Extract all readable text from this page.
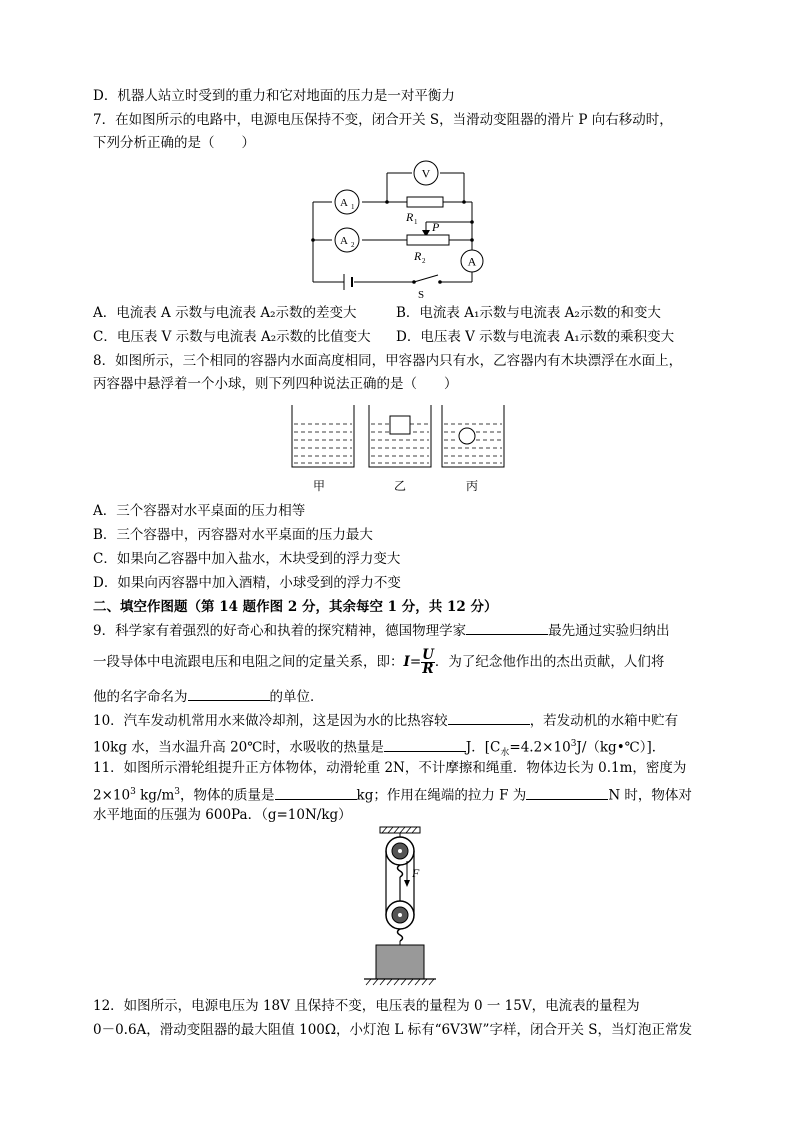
D．机器人站立时受到的重力和它对地面的压力是一对平衡力
7．在如图所示的电路中，电源电压保持不变，闭合开关 S，当滑动变阻器的滑片 P 向右移动时，
下列分析正确的是（　　）
V
A 1
A 2
A
R 1 P
R 2
S
A．电流表 A 示数与电流表 A₂示数的差变大	B．电流表 A₁示数与电流表 A₂示数的和变大
C．电压表 V 示数与电流表 A₂示数的比值变大 D．电压表 V 示数与电流表 A₁示数的乘积变大
8．如图所示，三个相同的容器内水面高度相同，甲容器内只有水，乙容器内有木块漂浮在水面上，
丙容器中悬浮着一个小球，则下列四种说法正确的是（　　）
甲	乙	丙
A．三个容器对水平桌面的压力相等
B．三个容器中，丙容器对水平桌面的压力最大
C．如果向乙容器中加入盐水，木块受到的浮力变大
D．如果向丙容器中加入酒精，小球受到的浮力不变
二、填空作图题（第 14 题作图 2 分，其余每空 1 分，共 12 分）
9．科学家有着强烈的好奇心和执着的探究精神，德国物理学家	最先通过实验归纳出
一段导体中电流跟电压和电阻之间的定量关系，即：$I= \frac{U}{R}$ ．为了纪念他作出的杰出贡献，人们将
他的名字命名为	的单位．
10．汽车发动机常用水来做冷却剂，这是因为水的比热容较	，若发动机的水箱中贮有
10kg 水，当水温升高 20℃时，水吸收的热量是	J．$[C_水=4.2\times 10^3J/(kg•℃)]$．
11．如图所示滑轮组提升正方体物体，动滑轮重 2N，不计摩擦和绳重．物体边长为 0.1m，密度为
$2\times 10^3$ $kg/m^3$，物体的质量是	kg；作用在绳端的拉力 F 为	N 时，物体对
水平地面的压强为 600Pa．（g=10N/kg）
F
12．如图所示，电源电压为 18V 且保持不变，电压表的量程为 0 一 15V，电流表的量程为
0－0.6A，滑动变阻器的最大阻值 100Ω，小灯泡 L 标有“6V3W”字样，闭合开关 S，当灯泡正常发
